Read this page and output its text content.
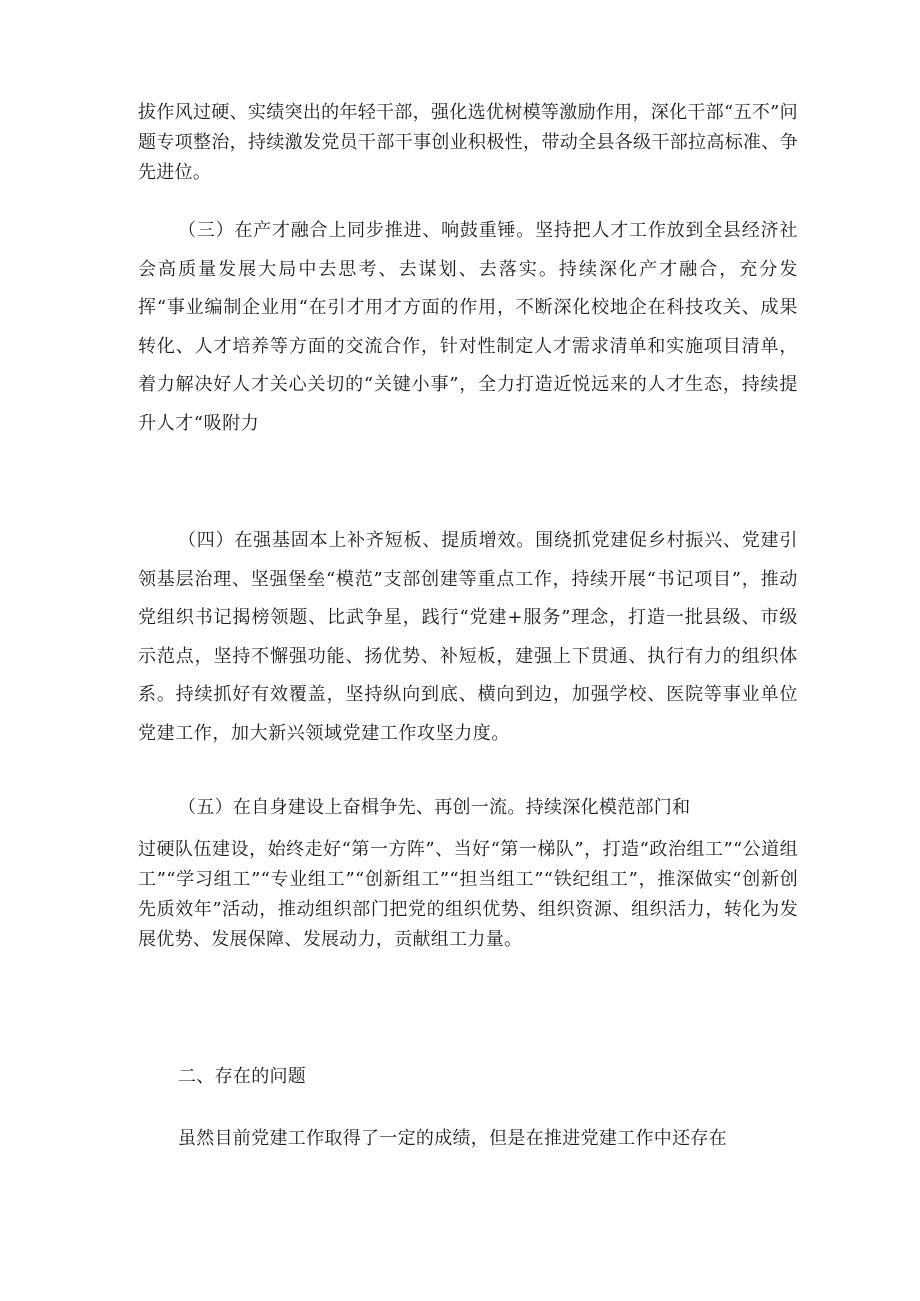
拔作风过硬、实绩突出的年轻干部，强化选优树模等激励作用，深化干部“五不”问题专项整治，持续激发党员干部干事创业积极性，带动全县各级干部拉高标准、争先进位。

（三）在产才融合上同步推进、响鼓重锤。坚持把人才工作放到全县经济社会高质量发展大局中去思考、去谋划、去落实。持续深化产才融合，充分发挥“事业编制企业用“在引才用才方面的作用，不断深化校地企在科技攻关、成果转化、人才培养等方面的交流合作，针对性制定人才需求清单和实施项目清单，着力解决好人才关心关切的“关键小事”，全力打造近悦远来的人才生态，持续提升人才“吸附力

（四）在强基固本上补齐短板、提质增效。围绕抓党建促乡村振兴、党建引领基层治理、坚强堡垒“模范”支部创建等重点工作，持续开展“书记项目”，推动党组织书记揭榜领题、比武争星，践行“党建+服务”理念，打造一批县级、市级示范点，坚持不懈强功能、扬优势、补短板，建强上下贯通、执行有力的组织体系。持续抓好有效覆盖，坚持纵向到底、横向到边，加强学校、医院等事业单位党建工作，加大新兴领域党建工作攻坚力度。

（五）在自身建设上奋楫争先、再创一流。持续深化模范部门和

过硬队伍建设，始终走好“第一方阵”、当好“第一梯队”，打造“政治组工”“公道组工”“学习组工”“专业组工”“创新组工”“担当组工”“铁纪组工”，推深做实“创新创先质效年”活动，推动组织部门把党的组织优势、组织资源、组织活力，转化为发展优势、发展保障、发展动力，贡献组工力量。

二、存在的问题

虽然目前党建工作取得了一定的成绩，但是在推进党建工作中还存在
